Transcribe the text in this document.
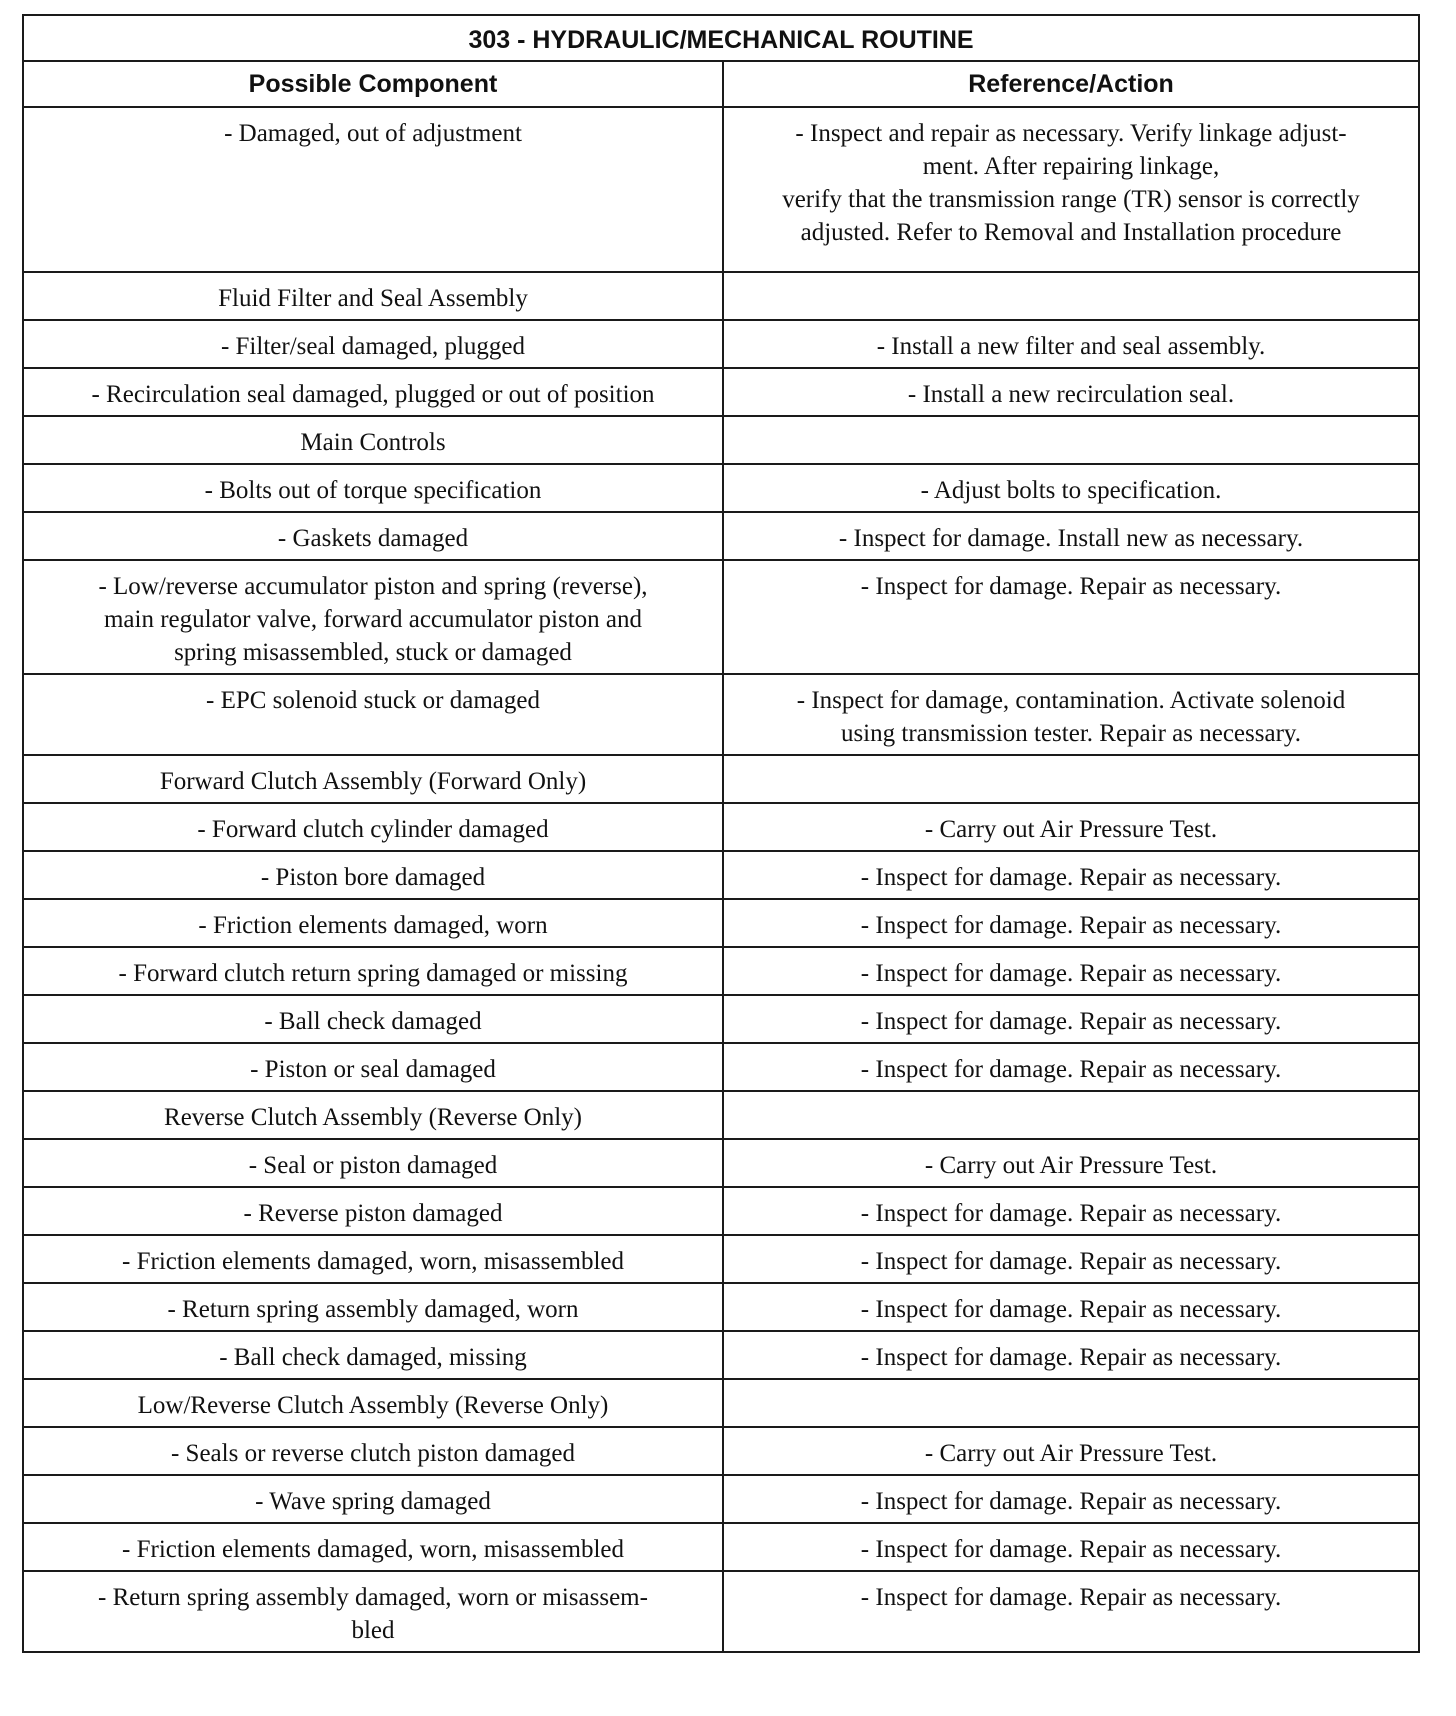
303 - HYDRAULIC/MECHANICAL ROUTINE	
Possible Component	Reference/Action
- Damaged, out of adjustment	- Inspect and repair as necessary. Verify linkage adjust-
ment. After repairing linkage,
verify that the transmission range (TR) sensor is correctly
adjusted. Refer to Removal and Installation procedure
Fluid Filter and Seal Assembly	
- Filter/seal damaged, plugged	- Install a new filter and seal assembly.
- Recirculation seal damaged, plugged or out of position	- Install a new recirculation seal.
Main Controls	
- Bolts out of torque specification	- Adjust bolts to specification.
- Gaskets damaged	- Inspect for damage. Install new as necessary.
- Low/reverse accumulator piston and spring (reverse),
main regulator valve, forward accumulator piston and
spring misassembled, stuck or damaged	- Inspect for damage. Repair as necessary.
- EPC solenoid stuck or damaged	- Inspect for damage, contamination. Activate solenoid
using transmission tester. Repair as necessary.
Forward Clutch Assembly (Forward Only)	
- Forward clutch cylinder damaged	- Carry out Air Pressure Test.
- Piston bore damaged	- Inspect for damage. Repair as necessary.
- Friction elements damaged, worn	- Inspect for damage. Repair as necessary.
- Forward clutch return spring damaged or missing	- Inspect for damage. Repair as necessary.
- Ball check damaged	- Inspect for damage. Repair as necessary.
- Piston or seal damaged	- Inspect for damage. Repair as necessary.
Reverse Clutch Assembly (Reverse Only)	
- Seal or piston damaged	- Carry out Air Pressure Test.
- Reverse piston damaged	- Inspect for damage. Repair as necessary.
- Friction elements damaged, worn, misassembled	- Inspect for damage. Repair as necessary.
- Return spring assembly damaged, worn	- Inspect for damage. Repair as necessary.
- Ball check damaged, missing	- Inspect for damage. Repair as necessary.
Low/Reverse Clutch Assembly (Reverse Only)	
- Seals or reverse clutch piston damaged	- Carry out Air Pressure Test.
- Wave spring damaged	- Inspect for damage. Repair as necessary.
- Friction elements damaged, worn, misassembled	- Inspect for damage. Repair as necessary.
- Return spring assembly damaged, worn or misassem-
bled	- Inspect for damage. Repair as necessary.
